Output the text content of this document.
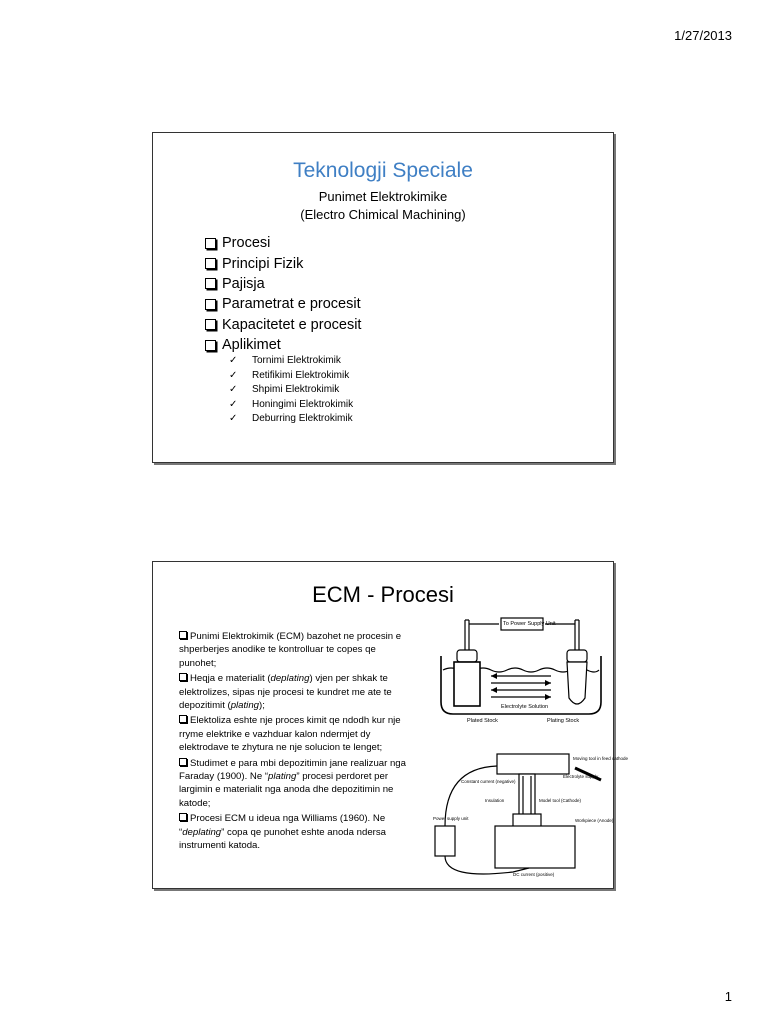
1/27/2013
Teknologji Speciale
Punimet Elektrokimike
(Electro Chimical Machining)
Procesi
Principi Fizik
Pajisja
Parametrat e procesit
Kapacitetet e procesit
Aplikimet
✓	Tornimi Elektrokimik
✓	Retifikimi Elektrokimik
✓	Shpimi Elektrokimik
✓	Honingimi Elektrokimik
✓	Deburring Elektrokimik
ECM - Procesi

Punimi Elektrokimik (ECM) bazohet ne procesin e shperberjes anodike te kontrolluar te copes qe punohet;

Heqja e materialit (deplating) vjen per shkak te elektrolizes, sipas nje procesi te kundret me ate te depozitimit (plating);

Elektoliza eshte nje proces kimit qe ndodh kur nje rryme elektrike e vazhduar kalon ndermjet dy elektrodave te zhytura ne nje solucion te lenget;

Studimet e para mbi depozitimin jane realizuar nga Faraday (1900). Ne “plating” procesi perdoret per largimin e materialit nga anoda dhe depozitimin ne katode;

Procesi ECM u ideua nga Williams (1960). Ne “deplating” copa qe punohet eshte anoda ndersa instrumenti katoda.

To Power Supply Unit
Electrolyte Solution
Plated Stock	Plating Stock
Moving tool in feed cathode
Electrolyte supply
Constant current (negative)
Insulation	Model tool (Cathode)
Power supply unit	Workpiece (Anode)
DC current (positive)
1
